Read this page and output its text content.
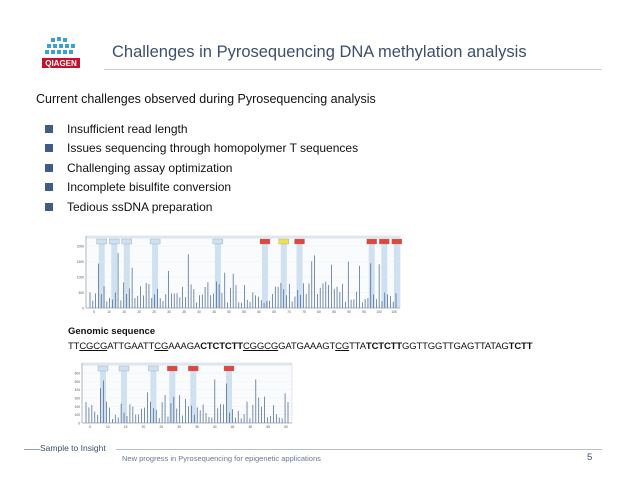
QIAGEN
Challenges in Pyrosequencing DNA methylation analysis
Current challenges observed during Pyrosequencing analysis
Insufficient read length
Issues sequencing through homopolymer T sequences
Challenging assay optimization
Incomplete bisulfite conversion
Tedious ssDNA preparation
2000
1500
1000
500
0
5	10	15	20	25	30	35	40	45	50	55	60	65	70	75	80	85	90	95	100	105
Genomic sequence
TTCGCGATTGAATTCGAAAGACTCTCTTCGGCGGATGAAAGTCGTTATCTCTTGGTTGGTTGAGTTATAGTCTT
600
500
400
300
200
100
0
5	10	15	20	25	30	35	40	45	50	55	60
Sample to Insight
New progress in Pyrosequencing for epigenetic applications	5
